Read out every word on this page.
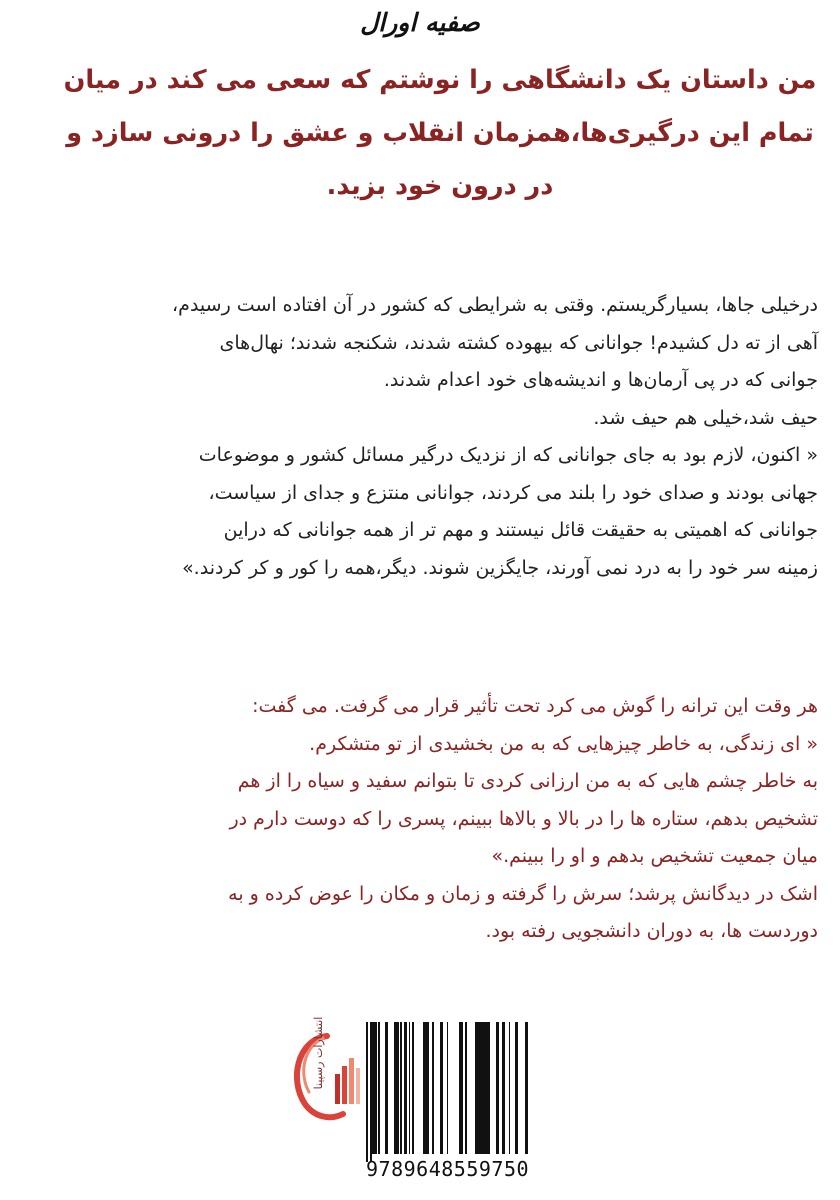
صفیه اورال
من داستان یک دانشگاهی را نوشتم که سعی می کند در میان
تمام این درگیری‌ها،همزمان انقلاب و عشق را درونی سازد و
در درون خود بزید.
درخیلی جاها، بسیارگریستم. وقتی به شرایطی که کشور در آن افتاده است رسیدم،
آهی از ته دل کشیدم! جوانانی که بیهوده کشته شدند، شکنجه شدند؛ نهال‌های
جوانی که در پی آرمان‌ها و اندیشه‌های خود اعدام شدند.
حیف شد،خیلی هم حیف شد.
« اکنون، لازم بود به جای جوانانی که از نزدیک درگیر مسائل کشور و موضوعات
جهانی بودند و صدای خود را بلند می کردند، جوانانی منتزع و جدای از سیاست،
جوانانی که اهمیتی به حقیقت قائل نیستند و مهم تر از همه جوانانی که دراین
زمینه سر خود را به درد نمی آورند، جایگزین شوند. دیگر،همه را کور و کر کردند.»
هر وقت این ترانه را گوش می کرد تحت تأثیر قرار می گرفت. می گفت:
« ای زندگی، به خاطر چیزهایی که به من بخشیدی از تو متشکرم.
به خاطر چشم هایی که به من ارزانی کردی تا بتوانم سفید و سیاه را از هم
تشخیص بدهم، ستاره ها را در بالا و بالاها ببینم، پسری را که دوست دارم در
میان جمعیت تشخیص بدهم و او را ببینم.»
اشک در دیدگانش پرشد؛ سرش را گرفته و زمان و مکان را عوض کرده و به
دوردست ها، به دوران دانشجویی رفته بود.
انتشارات رسپینا
9789648559750
